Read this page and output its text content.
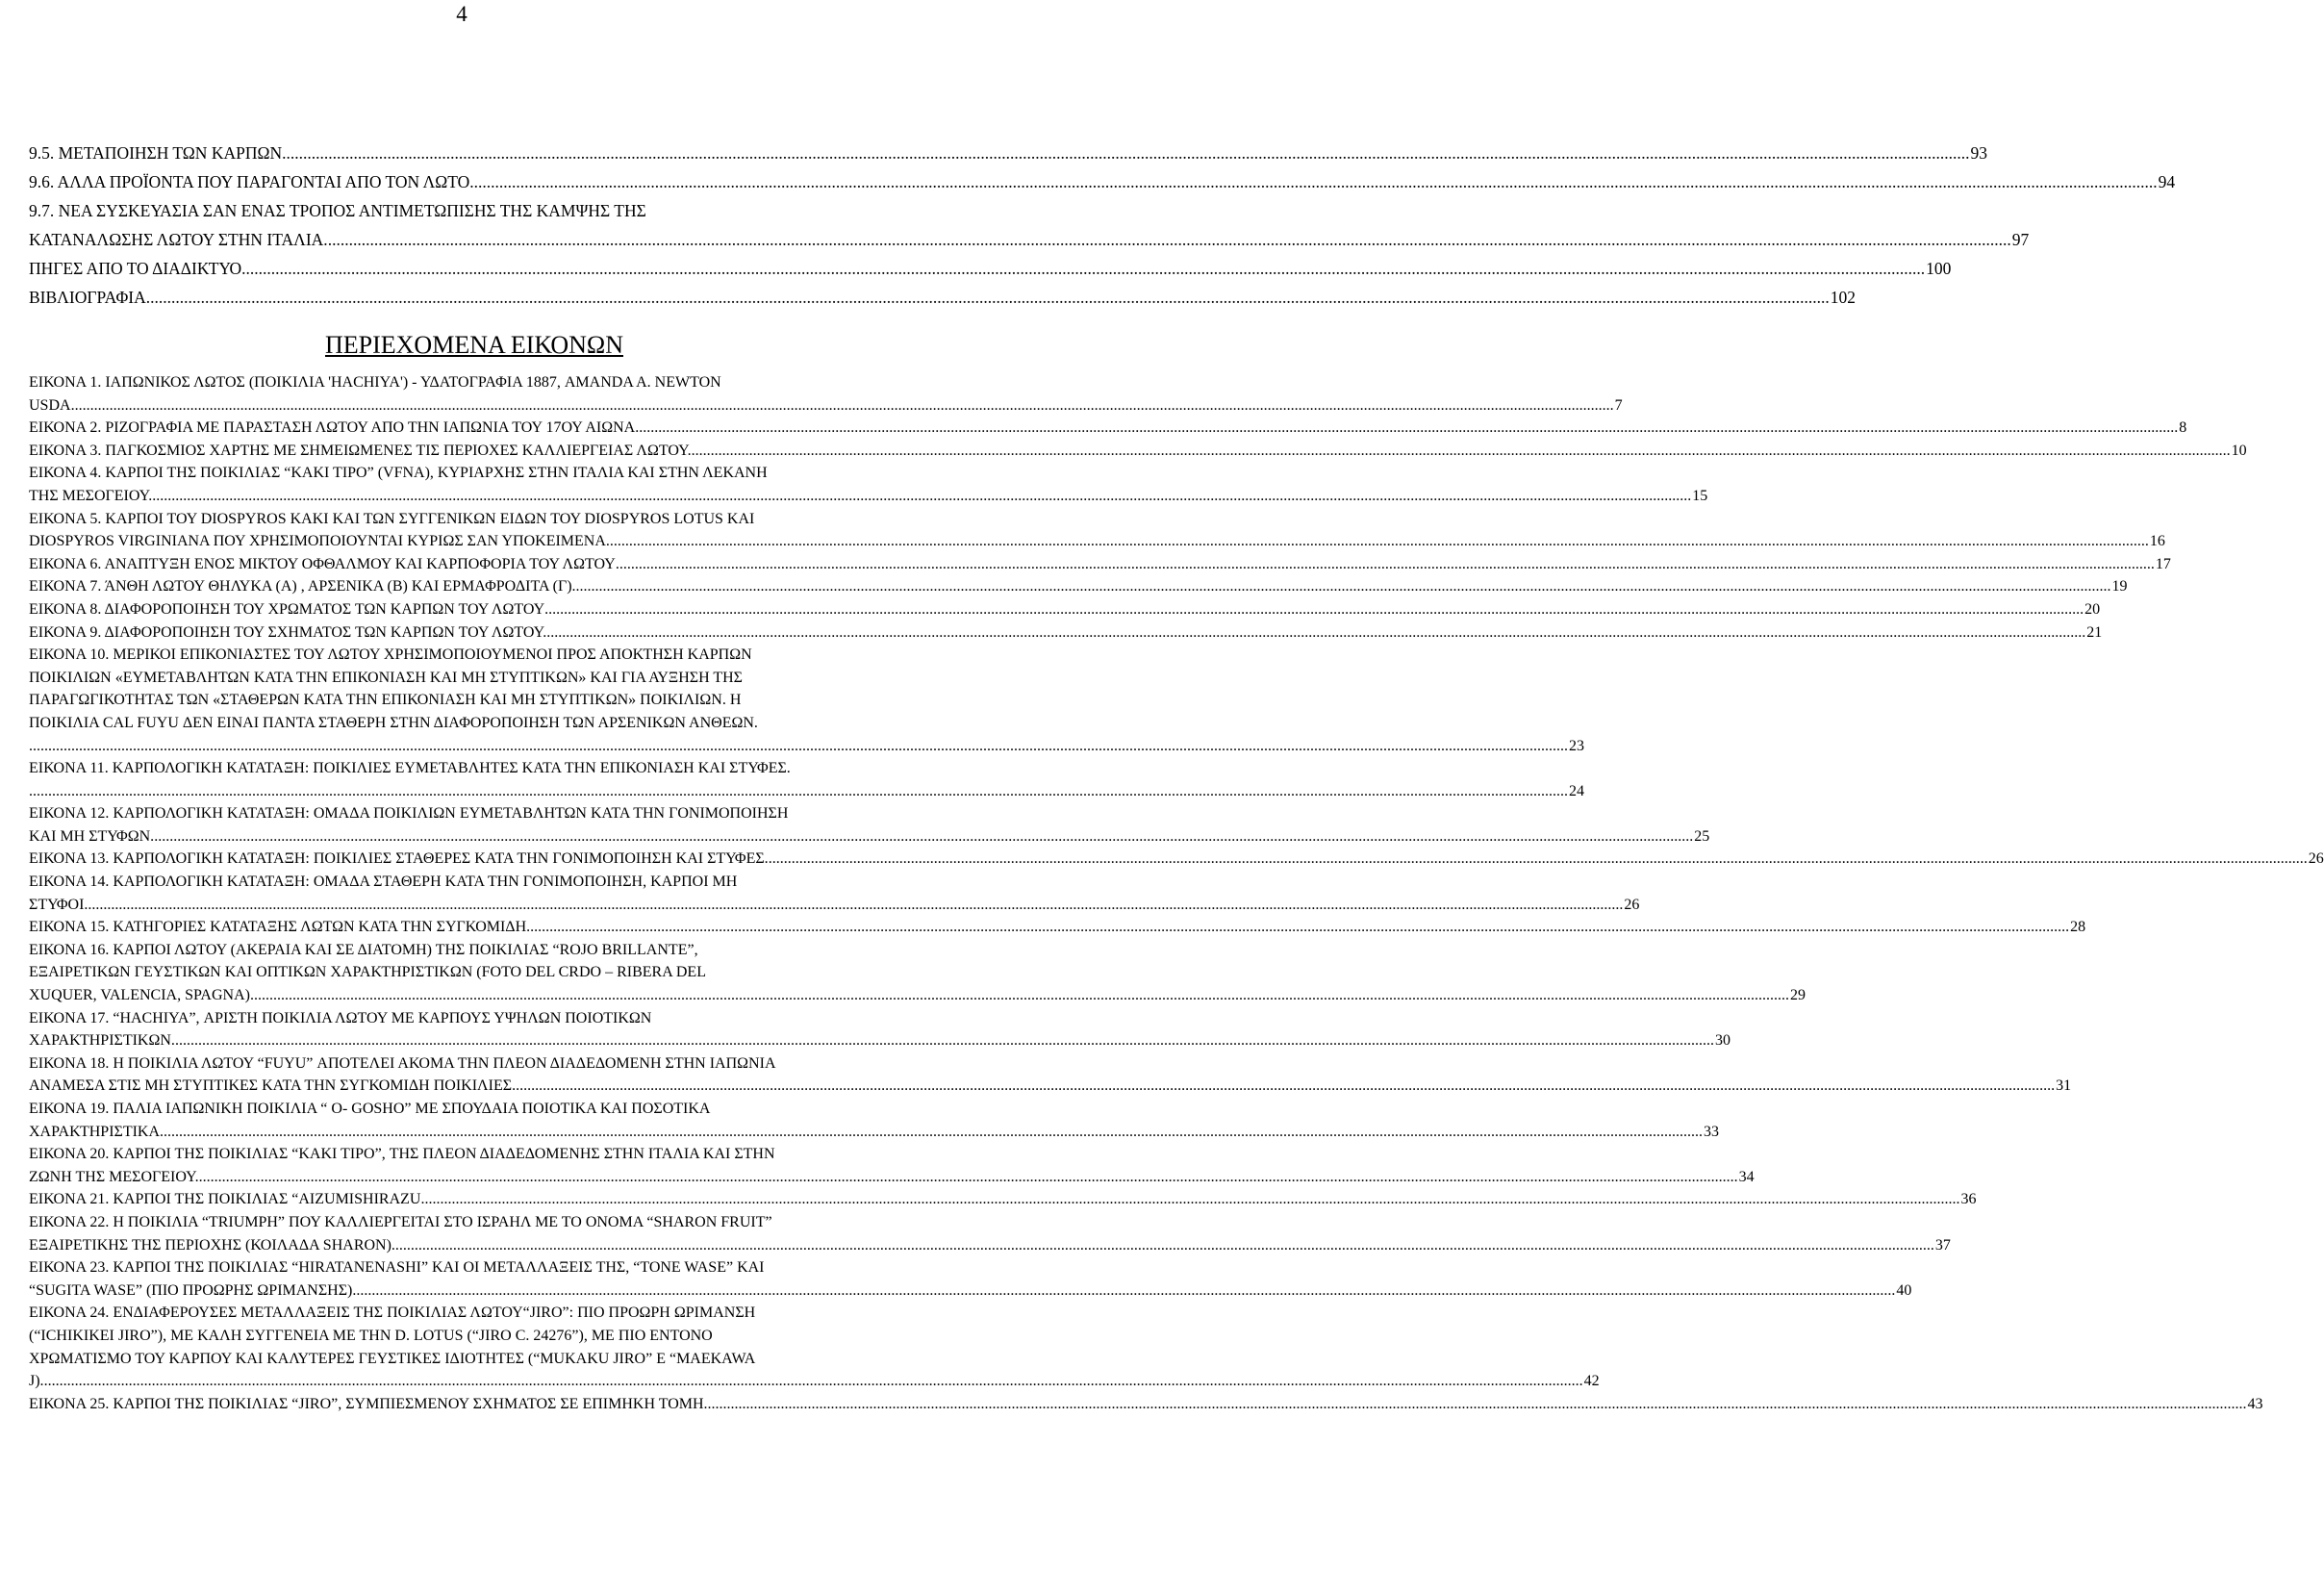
4
9.5. ΜΕΤΑΠΟΙΗΣΗ ΤΩΝ ΚΑΡΠΩΝ. ................................................................................................................................................................................................................................................................................................................................................................................................................ 93
9.6. ΑΛΛΑ ΠΡΟΪΟΝΤΑ ΠΟΥ ΠΑΡΑΓΟΝΤΑΙ ΑΠΟ ΤΟΝ ΛΩΤΟ. ................................................................................................................................................................................................................................................................................................................................................................................................................ 94
9.7. ΝΕΑ ΣΥΣΚΕΥΑΣΙΑ ΣΑΝ ΕΝΑΣ ΤΡΟΠΟΣ ΑΝΤΙΜΕΤΩΠΙΣΗΣ ΤΗΣ ΚΑΜΨΗΣ ΤΗΣ
ΚΑΤΑΝΑΛΩΣΗΣ ΛΩΤΟΥ ΣΤΗΝ ΙΤΑΛΙΑ. ................................................................................................................................................................................................................................................................................................................................................................................................................ 97
ΠΗΓΕΣ ΑΠΟ ΤΟ ΔΙΑΔΙΚΤΥΟ ................................................................................................................................................................................................................................................................................................................................................................................................................ 100
ΒΙΒΛΙΟΓΡΑΦΙΑ ................................................................................................................................................................................................................................................................................................................................................................................................................ 102
ΠΕΡΙΕΧΟΜΕΝΑ ΕΙΚΟΝΩΝ
ΕΙΚΟΝΑ 1. ΙΑΠΩΝΙΚΟΣ ΛΩΤΟΣ (ΠΟΙΚΙΛΙΑ 'HACHIYA') - ΥΔΑΤΟΓΡΑΦΙΑ 1887, AMANDA A. NEWTON
USDA. ................................................................................................................................................................................................................................................................................................................................................................................................................ 7
ΕΙΚΟΝΑ 2. ΡΙΖΟΓΡΑΦΙΑ ΜΕ ΠΑΡΑΣΤΑΣΗ ΛΩΤΟΥ ΑΠΟ ΤΗΝ ΙΑΠΩΝΙΑ ΤΟΥ 17ΟΥ ΑΙΩΝΑ. ................................................................................................................................................................................................................................................................................................................................................................................................................ 8
ΕΙΚΟΝΑ 3. ΠΑΓΚΟΣΜΙΟΣ ΧΑΡΤΗΣ ΜΕ ΣΗΜΕΙΩΜΕΝΕΣ ΤΙΣ ΠΕΡΙΟΧΕΣ ΚΑΛΛΙΕΡΓΕΙΑΣ ΛΩΤΟΥ. ................................................................................................................................................................................................................................................................................................................................................................................................................ 10
ΕΙΚΟΝΑ 4. ΚΑΡΠΟΙ ΤΗΣ ΠΟΙΚΙΛΙΑΣ “KAKI TIPO” (VFNA), ΚΥΡΙΑΡΧΗΣ ΣΤΗΝ ΙΤΑΛΙΑ ΚΑΙ ΣΤΗΝ ΛΕΚΑΝΗ
ΤΗΣ ΜΕΣΟΓΕΙΟΥ. ................................................................................................................................................................................................................................................................................................................................................................................................................ 15
ΕΙΚΟΝΑ 5. ΚΑΡΠΟΙ ΤΟΥ DIOSPYROS KAKI ΚΑΙ ΤΩΝ ΣΥΓΓΕΝΙΚΩΝ ΕΙΔΩΝ ΤΟΥ DIOSPYROS LOTUS ΚΑΙ
DIOSPYROS VIRGINIANA ΠΟΥ ΧΡΗΣΙΜΟΠΟΙΟΥΝΤΑΙ ΚΥΡΙΩΣ ΣΑΝ ΥΠΟΚΕΙΜΕΝΑ. ................................................................................................................................................................................................................................................................................................................................................................................................................ 16
ΕΙΚΟΝΑ 6. ΑΝΑΠΤΥΞΗ ΕΝΟΣ ΜΙΚΤΟΥ ΟΦΘΑΛΜΟΥ ΚΑΙ ΚΑΡΠΟΦΟΡΙΑ ΤΟΥ ΛΩΤΟΥ ................................................................................................................................................................................................................................................................................................................................................................................................................ 17
ΕΙΚΟΝΑ 7. ΆΝΘΗ ΛΩΤΟΥ ΘΗΛΥΚΑ (Α) , ΑΡΣΕΝΙΚΑ (Β) ΚΑΙ ΕΡΜΑΦΡΟΔΙΤΑ (Γ) ................................................................................................................................................................................................................................................................................................................................................................................................................ 19
ΕΙΚΟΝΑ 8. ΔΙΑΦΟΡΟΠΟΙΗΣΗ ΤΟΥ ΧΡΩΜΑΤΟΣ ΤΩΝ ΚΑΡΠΩΝ ΤΟΥ ΛΩΤΟΥ ................................................................................................................................................................................................................................................................................................................................................................................................................ 20
ΕΙΚΟΝΑ 9. ΔΙΑΦΟΡΟΠΟΙΗΣΗ ΤΟΥ ΣΧΗΜΑΤΟΣ ΤΩΝ ΚΑΡΠΩΝ ΤΟΥ ΛΩΤΟΥ. ................................................................................................................................................................................................................................................................................................................................................................................................................ 21
ΕΙΚΟΝΑ 10. ΜΕΡΙΚΟΙ ΕΠΙΚΟΝΙΑΣΤΕΣ ΤΟΥ ΛΩΤΟΥ ΧΡΗΣΙΜΟΠΟΙΟΥΜΕΝΟΙ ΠΡΟΣ ΑΠΟΚΤΗΣΗ ΚΑΡΠΩΝ
ΠΟΙΚΙΛΙΩΝ «ΕΥΜΕΤΑΒΛΗΤΩΝ ΚΑΤΑ ΤΗΝ ΕΠΙΚΟΝΙΑΣΗ ΚΑΙ ΜΗ ΣΤΥΠΤΙΚΩΝ» ΚΑΙ ΓΙΑ ΑΥΞΗΣΗ ΤΗΣ
ΠΑΡΑΓΩΓΙΚΟΤΗΤΑΣ ΤΩΝ «ΣΤΑΘΕΡΩΝ ΚΑΤΑ ΤΗΝ ΕΠΙΚΟΝΙΑΣΗ ΚΑΙ ΜΗ ΣΤΥΠΤΙΚΩΝ» ΠΟΙΚΙΛΙΩΝ. Η
ΠΟΙΚΙΛΙΑ CAL FUYU ΔΕΝ ΕΙΝΑΙ ΠΑΝΤΑ ΣΤΑΘΕΡΗ ΣΤΗΝ ΔΙΑΦΟΡΟΠΟΙΗΣΗ ΤΩΝ ΑΡΣΕΝΙΚΩΝ ΑΝΘΕΩΝ.
................................................................................................................................................................................................................................................................................................................................................................................................................ 23
ΕΙΚΟΝΑ 11. ΚΑΡΠΟΛΟΓΙΚΗ ΚΑΤΑΤΑΞΗ: ΠΟΙΚΙΛΙΕΣ ΕΥΜΕΤΑΒΛΗΤΕΣ ΚΑΤΑ ΤΗΝ ΕΠΙΚΟΝΙΑΣΗ ΚΑΙ ΣΤΥΦΕΣ.
................................................................................................................................................................................................................................................................................................................................................................................................................ 24
ΕΙΚΟΝΑ 12. ΚΑΡΠΟΛΟΓΙΚΗ ΚΑΤΑΤΑΞΗ: ΟΜΑΔΑ ΠΟΙΚΙΛΙΩΝ ΕΥΜΕΤΑΒΛΗΤΩΝ ΚΑΤΑ ΤΗΝ ΓΟΝΙΜΟΠΟΙΗΣΗ
ΚΑΙ ΜΗ ΣΤΥΦΩΝ. ................................................................................................................................................................................................................................................................................................................................................................................................................ 25
ΕΙΚΟΝΑ 13. ΚΑΡΠΟΛΟΓΙΚΗ ΚΑΤΑΤΑΞΗ: ΠΟΙΚΙΛΙΕΣ ΣΤΑΘΕΡΕΣ ΚΑΤΑ ΤΗΝ ΓΟΝΙΜΟΠΟΙΗΣΗ ΚΑΙ ΣΤΥΦΕΣ. ................................................................................................................................................................................................................................................................................................................................................................................................................ 26
ΕΙΚΟΝΑ 14. ΚΑΡΠΟΛΟΓΙΚΗ ΚΑΤΑΤΑΞΗ: ΟΜΑΔΑ ΣΤΑΘΕΡΗ ΚΑΤΑ ΤΗΝ ΓΟΝΙΜΟΠΟΙΗΣΗ, ΚΑΡΠΟΙ ΜΗ
ΣΤΥΦΟΙ ................................................................................................................................................................................................................................................................................................................................................................................................................ 26
ΕΙΚΟΝΑ 15. ΚΑΤΗΓΟΡΙΕΣ ΚΑΤΑΤΑΞΗΣ ΛΩΤΩΝ ΚΑΤΑ ΤΗΝ ΣΥΓΚΟΜΙΔΗ. ................................................................................................................................................................................................................................................................................................................................................................................................................ 28
ΕΙΚΟΝΑ 16. ΚΑΡΠΟΙ ΛΩΤΟΥ (ΑΚΕΡΑΙΑ ΚΑΙ ΣΕ ΔΙΑΤΟΜΗ) ΤΗΣ ΠΟΙΚΙΛΙΑΣ “ROJO BRILLANTE”,
ΕΞΑΙΡΕΤΙΚΩΝ ΓΕΥΣΤΙΚΩΝ ΚΑΙ ΟΠΤΙΚΩΝ ΧΑΡΑΚΤΗΡΙΣΤΙΚΩΝ (FOTO DEL CRDO – RIBERA DEL
XUQUER, VALENCIA, SPAGNA) ................................................................................................................................................................................................................................................................................................................................................................................................................ 29
ΕΙΚΟΝΑ 17. “HACHIYA”, ΑΡΙΣΤΗ ΠΟΙΚΙΛΙΑ ΛΩΤΟΥ ΜΕ ΚΑΡΠΟΥΣ ΥΨΗΛΩΝ ΠΟΙΟΤΙΚΩΝ
ΧΑΡΑΚΤΗΡΙΣΤΙΚΩΝ. ................................................................................................................................................................................................................................................................................................................................................................................................................ 30
ΕΙΚΟΝΑ 18. Η ΠΟΙΚΙΛΙΑ ΛΩΤΟΥ “FUYU” ΑΠΟΤΕΛΕΙ ΑΚΟΜΑ ΤΗΝ ΠΛΕΟΝ ΔΙΑΔΕΔΟΜΕΝΗ ΣΤΗΝ ΙΑΠΩΝΙΑ
ΑΝΑΜΕΣΑ ΣΤΙΣ ΜΗ ΣΤΥΠΤΙΚΕΣ ΚΑΤΑ ΤΗΝ ΣΥΓΚΟΜΙΔΗ ΠΟΙΚΙΛΙΕΣ. ................................................................................................................................................................................................................................................................................................................................................................................................................ 31
ΕΙΚΟΝΑ 19. ΠΑΛΙΑ ΙΑΠΩΝΙΚΗ ΠΟΙΚΙΛΙΑ “ O- GOSHO” ΜΕ ΣΠΟΥΔΑΙΑ ΠΟΙΟΤΙΚΑ ΚΑΙ ΠΟΣΟΤΙΚΑ
ΧΑΡΑΚΤΗΡΙΣΤΙΚΑ. ................................................................................................................................................................................................................................................................................................................................................................................................................ 33
ΕΙΚΟΝΑ 20. ΚΑΡΠΟΙ ΤΗΣ ΠΟΙΚΙΛΙΑΣ “KAKI TIPO”, ΤΗΣ ΠΛΕΟΝ ΔΙΑΔΕΔΟΜΕΝΗΣ ΣΤΗΝ ΙΤΑΛΙΑ ΚΑΙ ΣΤΗΝ
ΖΩΝΗ ΤΗΣ ΜΕΣΟΓΕΙΟΥ. ................................................................................................................................................................................................................................................................................................................................................................................................................ 34
ΕΙΚΟΝΑ 21. ΚΑΡΠΟΙ ΤΗΣ ΠΟΙΚΙΛΙΑΣ “AIZUMISHIRAZU ................................................................................................................................................................................................................................................................................................................................................................................................................ 36
ΕΙΚΟΝΑ 22. Η ΠΟΙΚΙΛΙΑ “TRIUMPH” ΠΟΥ ΚΑΛΛΙΕΡΓΕΙΤΑΙ ΣΤΟ ΙΣΡΑΗΛ ΜΕ ΤΟ ΟΝΟΜΑ “SHARON FRUIT”
ΕΞΑΙΡΕΤΙΚΗΣ ΤΗΣ ΠΕΡΙΟΧΗΣ (ΚΟΙΛΑΔΑ SHARON). ................................................................................................................................................................................................................................................................................................................................................................................................................ 37
ΕΙΚΟΝΑ 23. ΚΑΡΠΟΙ ΤΗΣ ΠΟΙΚΙΛΙΑΣ “HIRATANENASHI” ΚΑΙ ΟΙ ΜΕΤΑΛΛΑΞΕΙΣ ΤΗΣ, “TONE WASE” ΚΑΙ
“SUGITA WASE” (ΠΙΟ ΠΡΟΩΡΗΣ ΩΡΙΜΑΝΣΗΣ). ................................................................................................................................................................................................................................................................................................................................................................................................................ 40
ΕΙΚΟΝΑ 24. ΕΝΔΙΑΦΕΡΟΥΣΕΣ ΜΕΤΑΛΛΑΞΕΙΣ ΤΗΣ ΠΟΙΚΙΛΙΑΣ ΛΩΤΟΥ“JIRO”: ΠΙΟ ΠΡΟΩΡΗ ΩΡΙΜΑΝΣΗ
(“ICHIKIKEI JIRO”), ΜΕ ΚΑΛΗ ΣΥΓΓΕΝΕΙΑ ΜΕ ΤΗΝ D. LOTUS (“JIRO C. 24276”), ΜΕ ΠΙΟ ΕΝΤΟΝΟ
ΧΡΩΜΑΤΙΣΜΟ ΤΟΥ ΚΑΡΠΟΥ ΚΑΙ ΚΑΛΥΤΕΡΕΣ ΓΕΥΣΤΙΚΕΣ ΙΔΙΟΤΗΤΕΣ (“MUKAKU JIRO” Ε “MAEKAWA
J). ................................................................................................................................................................................................................................................................................................................................................................................................................ 42
ΕΙΚΟΝΑ 25. ΚΑΡΠΟΙ ΤΗΣ ΠΟΙΚΙΛΙΑΣ “JIRO”, ΣΥΜΠΙΕΣΜΕΝΟΥ ΣΧΗΜΑΤΟΣ ΣΕ ΕΠΙΜΗΚΗ ΤΟΜΗ. ................................................................................................................................................................................................................................................................................................................................................................................................................ 43
